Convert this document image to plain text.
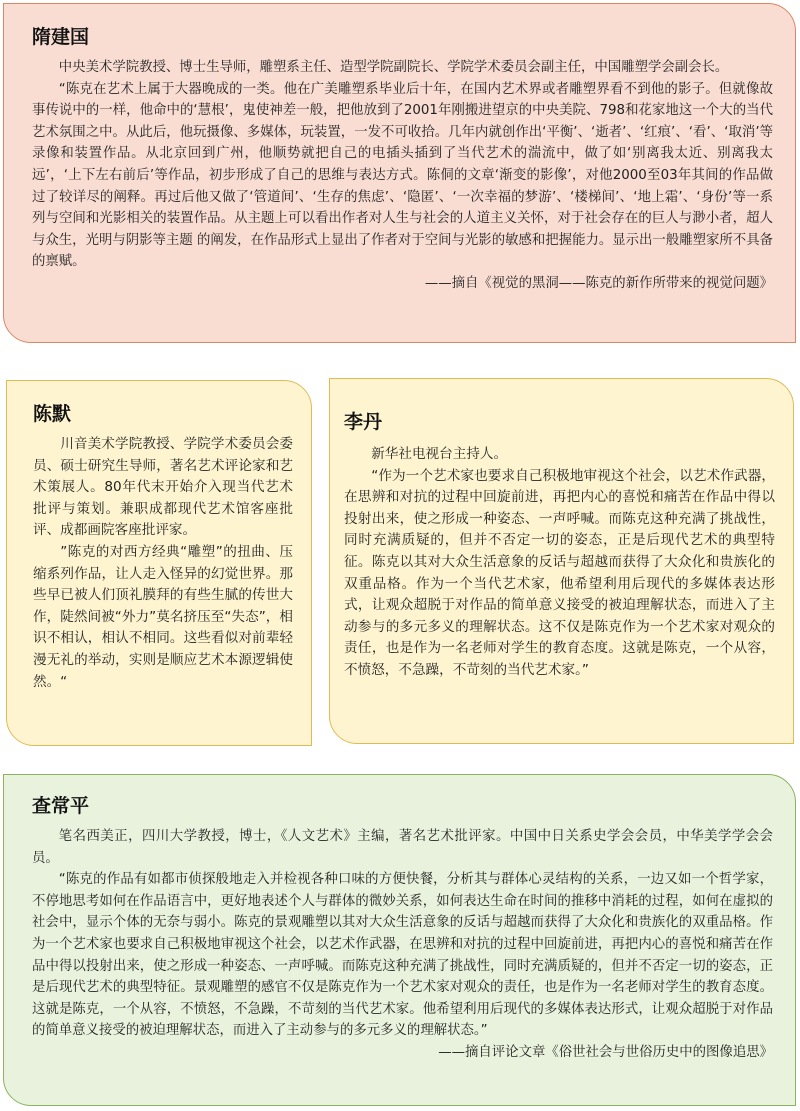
隋建国

中央美术学院教授、博士生导师，雕塑系主任、造型学院副院长、学院学术委员会副主任，中国雕塑学会副会长。

“陈克在艺术上属于大器晚成的一类。他在广美雕塑系毕业后十年，在国内艺术界或者雕塑界看不到他的影子。但就像故事传说中的一样，他命中的‘慧根’，鬼使神差一般，把他放到了2001年刚搬进望京的中央美院、798和花家地这一个大的当代艺术氛围之中。从此后，他玩摄像、多媒体，玩装置，一发不可收拾。几年内就创作出‘平衡’、‘逝者’、‘红痕’、‘看’、‘取消’等录像和装置作品。从北京回到广州，他顺势就把自己的电插头插到了当代艺术的湍流中，做了如‘别离我太近、别离我太远’，‘上下左右前后’等作品，初步形成了自己的思维与表达方式。陈侗的文章‘渐变的影像’，对他2000至03年其间的作品做过了较详尽的阐释。再过后他又做了‘管道间’、‘生存的焦虑’、‘隐匿’、‘一次幸福的梦游’、‘楼梯间’、‘地上霜’、‘身份’等一系列与空间和光影相关的装置作品。从主题上可以看出作者对人生与社会的人道主义关怀，对于社会存在的巨人与渺小者，超人与众生，光明与阴影等主题 的阐发，在作品形式上显出了作者对于空间与光影的敏感和把握能力。显示出一般雕塑家所不具备的禀赋。

——摘自《视觉的黑洞——陈克的新作所带来的视觉问题》

陈默

川音美术学院教授、学院学术委员会委员、硕士研究生导师，著名艺术评论家和艺术策展人。80年代末开始介入现当代艺术批评与策划。兼职成都现代艺术馆客座批评、成都画院客座批评家。

”陈克的对西方经典“雕塑”的扭曲、压缩系列作品，让人走入怪异的幻觉世界。那些早已被人们顶礼膜拜的有些生腻的传世大作，陡然间被“外力”莫名挤压至“失态”，相识不相认，相认不相同。这些看似对前辈轻漫无礼的举动，实则是顺应艺术本源逻辑使然。“

李丹

新华社电视台主持人。

“作为一个艺术家也要求自己积极地审视这个社会，以艺术作武器，在思辨和对抗的过程中回旋前进，再把内心的喜悦和痛苦在作品中得以投射出来，使之形成一种姿态、一声呼喊。而陈克这种充满了挑战性，同时充满质疑的，但并不否定一切的姿态，正是后现代艺术的典型特征。陈克以其对大众生活意象的反话与超越而获得了大众化和贵族化的双重品格。作为一个当代艺术家，他希望利用后现代的多媒体表达形式，让观众超脱于对作品的简单意义接受的被迫理解状态，而进入了主动参与的多元多义的理解状态。这不仅是陈克作为一个艺术家对观众的责任，也是作为一名老师对学生的教育态度。这就是陈克，一个从容，不愤怒，不急躁，不苛刻的当代艺术家。”

查常平

笔名西美正，四川大学教授，博士，《人文艺术》主编，著名艺术批评家。中国中日关系史学会会员，中华美学学会会员。

“陈克的作品有如都市侦探般地走入并检视各种口味的方便快餐，分析其与群体心灵结构的关系，一边又如一个哲学家，不停地思考如何在作品语言中，更好地表述个人与群体的微妙关系，如何表达生命在时间的推移中消耗的过程，如何在虚拟的社会中，显示个体的无奈与弱小。陈克的景观雕塑以其对大众生活意象的反话与超越而获得了大众化和贵族化的双重品格。作为一个艺术家也要求自己积极地审视这个社会，以艺术作武器，在思辨和对抗的过程中回旋前进，再把内心的喜悦和痛苦在作品中得以投射出来，使之形成一种姿态、一声呼喊。而陈克这种充满了挑战性，同时充满质疑的，但并不否定一切的姿态，正是后现代艺术的典型特征。景观雕塑的感官不仅是陈克作为一个艺术家对观众的责任，也是作为一名老师对学生的教育态度。这就是陈克，一个从容，不愤怒，不急躁，不苛刻的当代艺术家。他希望利用后现代的多媒体表达形式，让观众超脱于对作品的简单意义接受的被迫理解状态，而进入了主动参与的多元多义的理解状态。”

——摘自评论文章《俗世社会与世俗历史中的图像追思》
